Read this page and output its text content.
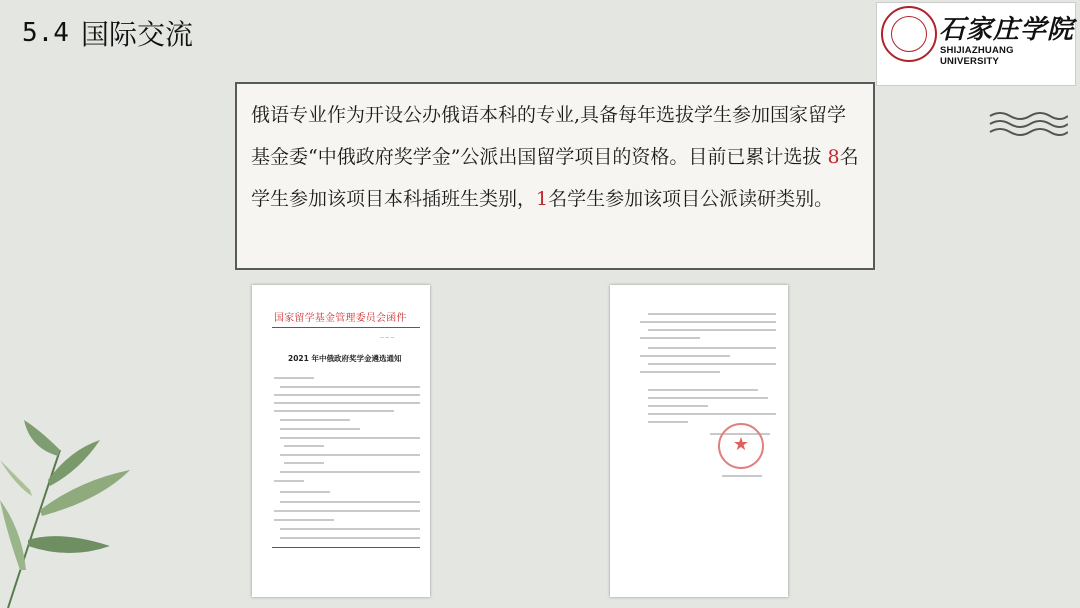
5.4 国际交流	石家庄学院
SHIJIAZHUANG UNIVERSITY
俄语专业作为开设公办俄语本科的专业,具备每年选拔学生参加国家留学基金委“中俄政府奖学金”公派出国留学项目的资格。目前已累计选拔 8名学生参加该项目本科插班生类别，1名学生参加该项目公派读研类别。
国家留学基金管理委员会函件
— — —
2021 年中俄政府奖学金遴选通知
★
